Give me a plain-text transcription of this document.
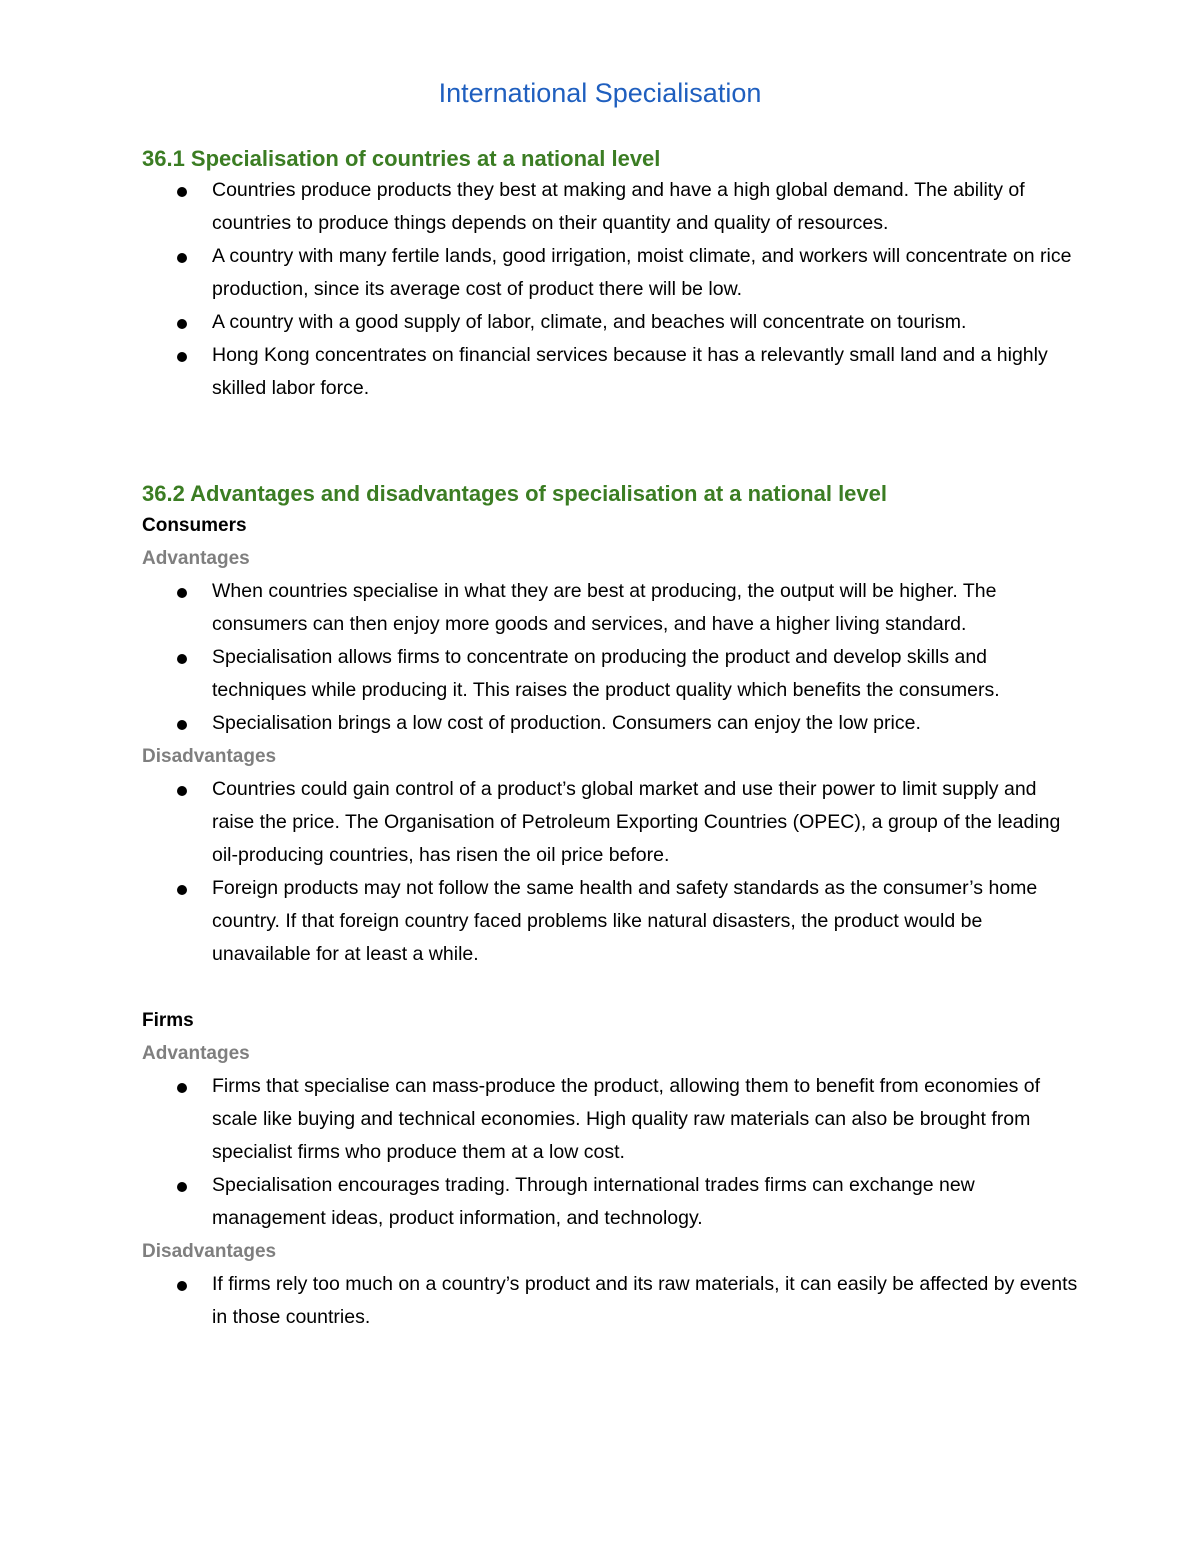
International Specialisation
36.1 Specialisation of countries at a national level
Countries produce products they best at making and have a high global demand. The ability of countries to produce things depends on their quantity and quality of resources.
A country with many fertile lands, good irrigation, moist climate, and workers will concentrate on rice production, since its average cost of product there will be low.
A country with a good supply of labor, climate, and beaches will concentrate on tourism.
Hong Kong concentrates on financial services because it has a relevantly small land and a highly skilled labor force.
36.2 Advantages and disadvantages of specialisation at a national level
Consumers
Advantages
When countries specialise in what they are best at producing, the output will be higher. The consumers can then enjoy more goods and services, and have a higher living standard.
Specialisation allows firms to concentrate on producing the product and develop skills and techniques while producing it. This raises the product quality which benefits the consumers.
Specialisation brings a low cost of production. Consumers can enjoy the low price.
Disadvantages
Countries could gain control of a product’s global market and use their power to limit supply and raise the price. The Organisation of Petroleum Exporting Countries (OPEC), a group of the leading oil-producing countries, has risen the oil price before.
Foreign products may not follow the same health and safety standards as the consumer’s home country. If that foreign country faced problems like natural disasters, the product would be unavailable for at least a while.
Firms
Advantages
Firms that specialise can mass-produce the product, allowing them to benefit from economies of scale like buying and technical economies. High quality raw materials can also be brought from specialist firms who produce them at a low cost.
Specialisation encourages trading. Through international trades firms can exchange new management ideas, product information, and technology.
Disadvantages
If firms rely too much on a country’s product and its raw materials, it can easily be affected by events in those countries.
